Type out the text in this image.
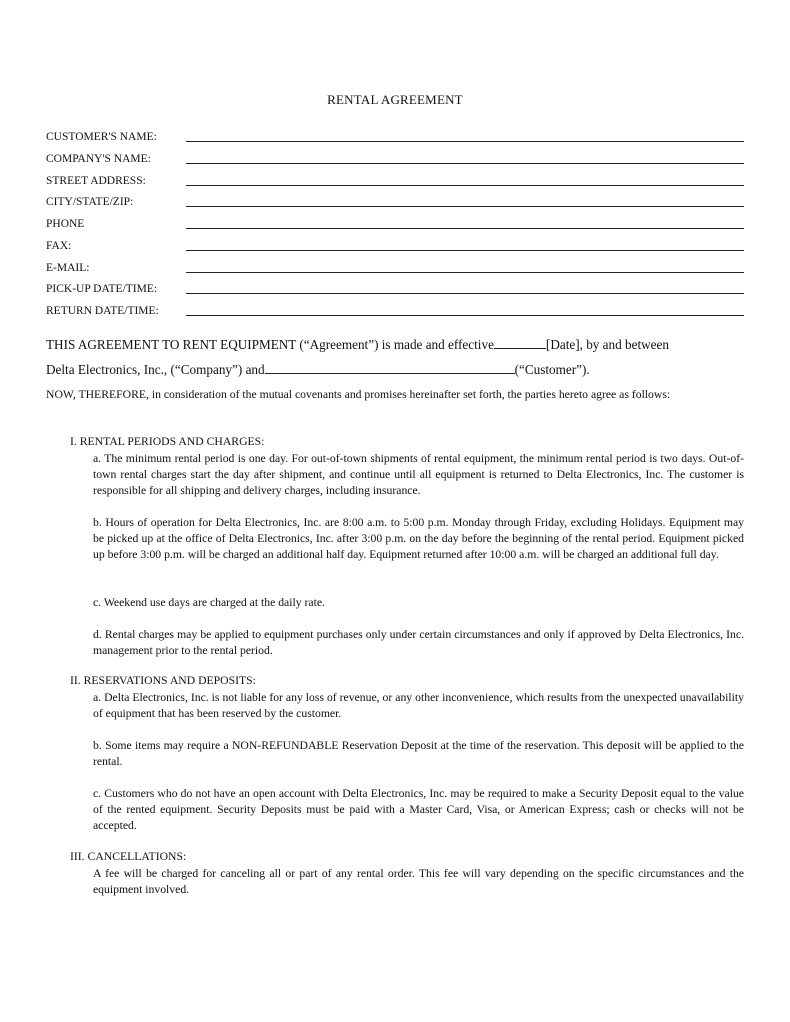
RENTAL AGREEMENT
CUSTOMER'S NAME:
COMPANY'S NAME:
STREET ADDRESS:
CITY/STATE/ZIP:
PHONE
FAX:
E-MAIL:
PICK-UP DATE/TIME:
RETURN DATE/TIME:
THIS AGREEMENT TO RENT EQUIPMENT (“Agreement”) is made and effective	[Date], by and between
Delta Electronics, Inc., (“Company”) and	(“Customer”).
NOW, THEREFORE, in consideration of the mutual covenants and promises hereinafter set forth, the parties hereto agree as follows:
I. RENTAL PERIODS AND CHARGES:
a. The minimum rental period is one day. For out-of-town shipments of rental equipment, the minimum rental period is two days. Out-of-town rental charges start the day after shipment, and continue until all equipment is returned to Delta Electronics, Inc. The customer is responsible for all shipping and delivery charges, including insurance.
b. Hours of operation for Delta Electronics, Inc. are 8:00 a.m. to 5:00 p.m. Monday through Friday, excluding Holidays. Equipment may be picked up at the office of Delta Electronics, Inc. after 3:00 p.m. on the day before the beginning of the rental period. Equipment picked up before 3:00 p.m. will be charged an additional half day. Equipment returned after 10:00 a.m. will be charged an additional full day.
c. Weekend use days are charged at the daily rate.
d. Rental charges may be applied to equipment purchases only under certain circumstances and only if approved by Delta Electronics, Inc. management prior to the rental period.
II. RESERVATIONS AND DEPOSITS:
a. Delta Electronics, Inc. is not liable for any loss of revenue, or any other inconvenience, which results from the unexpected unavailability of equipment that has been reserved by the customer.
b. Some items may require a NON-REFUNDABLE Reservation Deposit at the time of the reservation. This deposit will be applied to the rental.
c. Customers who do not have an open account with Delta Electronics, Inc. may be required to make a Security Deposit equal to the value of the rented equipment. Security Deposits must be paid with a Master Card, Visa, or American Express; cash or checks will not be accepted.
III. CANCELLATIONS:
A fee will be charged for canceling all or part of any rental order. This fee will vary depending on the specific circumstances and the equipment involved.
